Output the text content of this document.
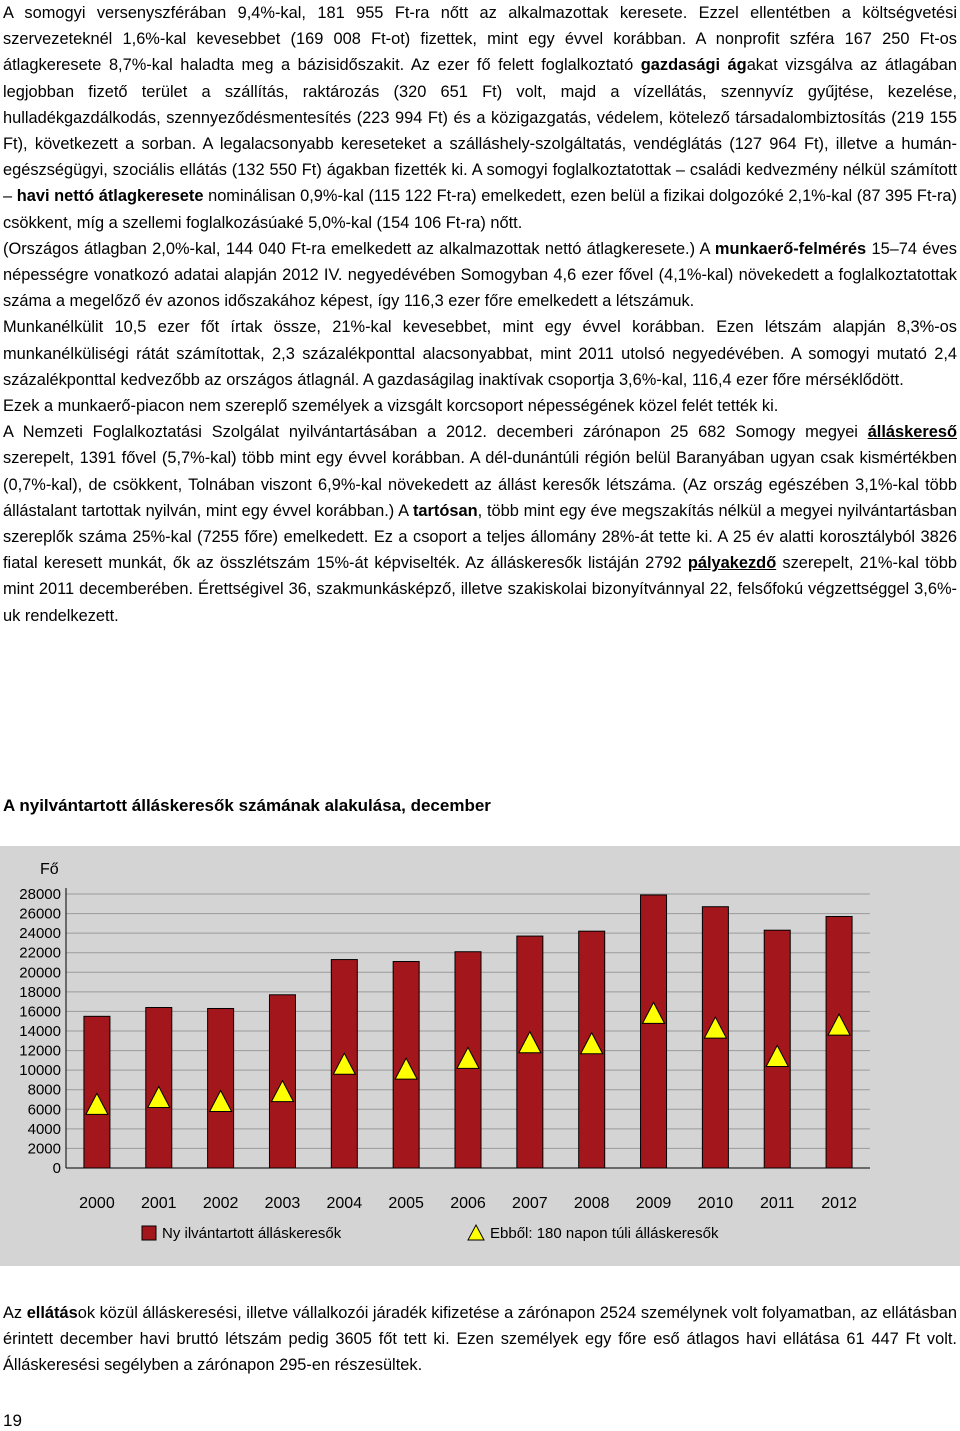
A somogyi versenyszférában 9,4%-kal, 181 955 Ft-ra nőtt az alkalmazottak keresete. Ezzel ellentétben a költségvetési szervezeteknél 1,6%-kal kevesebbet (169 008 Ft-ot) fizettek, mint egy évvel korábban. A nonprofit szféra 167 250 Ft-os átlagkeresete 8,7%-kal haladta meg a bázisidőszakit. Az ezer fő felett foglalkoztató gazdasági ágakat vizsgálva az átlagában legjobban fizető terület a szállítás, raktározás (320 651 Ft) volt, majd a vízellátás, szennyvíz gyűjtése, kezelése, hulladékgazdálkodás, szennyeződésmentesítés (223 994 Ft) és a közigazgatás, védelem, kötelező társadalombiztosítás (219 155 Ft), következett a sorban. A legalacsonyabb kereseteket a szálláshely-szolgáltatás, vendéglátás (127 964 Ft), illetve a humán-egészségügyi, szociális ellátás (132 550 Ft) ágakban fizették ki. A somogyi foglalkoztatottak – családi kedvezmény nélkül számított – havi nettó átlagkeresete nominálisan 0,9%-kal (115 122 Ft-ra) emelkedett, ezen belül a fizikai dolgozóké 2,1%-kal (87 395 Ft-ra) csökkent, míg a szellemi foglalkozásúaké 5,0%-kal (154 106 Ft-ra) nőtt.
(Országos átlagban 2,0%-kal, 144 040 Ft-ra emelkedett az alkalmazottak nettó átlagkeresete.) A munkaerő-felmérés 15–74 éves népességre vonatkozó adatai alapján 2012 IV. negyedévében Somogyban 4,6 ezer fővel (4,1%-kal) növekedett a foglalkoztatottak száma a megelőző év azonos időszakához képest, így 116,3 ezer főre emelkedett a létszámuk.
Munkanélkülit 10,5 ezer főt írtak össze, 21%-kal kevesebbet, mint egy évvel korábban. Ezen létszám alapján 8,3%-os munkanélküliségi rátát számítottak, 2,3 százalékponttal alacsonyabbat, mint 2011 utolsó negyedévében. A somogyi mutató 2,4 százalékponttal kedvezőbb az országos átlagnál. A gazdaságilag inaktívak csoportja 3,6%-kal, 116,4 ezer főre mérséklődött.
Ezek a munkaerő-piacon nem szereplő személyek a vizsgált korcsoport népességének közel felét tették ki.
A Nemzeti Foglalkoztatási Szolgálat nyilvántartásában a 2012. decemberi zárónapon 25 682 Somogy megyei álláskereső szerepelt, 1391 fővel (5,7%-kal) több mint egy évvel korábban. A dél-dunántúli régión belül Baranyában ugyan csak kismértékben (0,7%-kal), de csökkent, Tolnában viszont 6,9%-kal növekedett az állást keresők létszáma. (Az ország egészében 3,1%-kal több állástalant tartottak nyilván, mint egy évvel korábban.) A tartósan, több mint egy éve megszakítás nélkül a megyei nyilvántartásban szereplők száma 25%-kal (7255 főre) emelkedett. Ez a csoport a teljes állomány 28%-át tette ki. A 25 év alatti korosztályból 3826 fiatal keresett munkát, ők az összlétszám 15%-át képviselték. Az álláskeresők listáján 2792 pályakezdő szerepelt, 21%-kal több mint 2011 decemberében. Érettségivel 36, szakmunkásképző, illetve szakiskolai bizonyítvánnyal 22, felsőfokú végzettséggel 3,6%-uk rendelkezett.
A nyilvántartott álláskeresők számának alakulása, december
0
2000
4000
6000
8000
10000
12000
14000
16000
18000
20000
22000
24000
26000
28000
Fő
2000 2001 2002 2003 2004 2005 2006 2007 2008 2009 2010 2011 2012
Ny ilvántartott álláskeresők	Ebből: 180 napon túli álláskeresők
Az ellátások közül álláskeresési, illetve vállalkozói járadék kifizetése a zárónapon 2524 személynek volt folyamatban, az ellátásban érintett december havi bruttó létszám pedig 3605 főt tett ki. Ezen személyek egy főre eső átlagos havi ellátása 61 447 Ft volt. Álláskeresési segélyben a zárónapon 295-en részesültek.
19
